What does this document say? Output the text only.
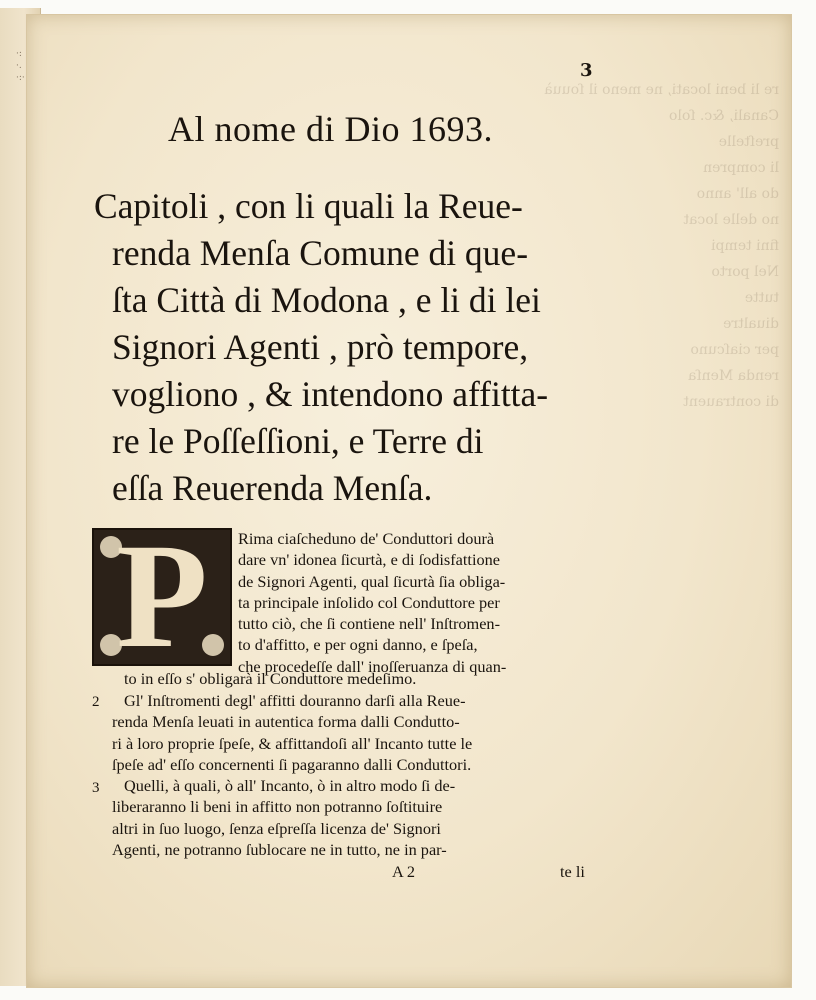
·:·.·:·
re li beni locati, ne meno il ſouuà
Canali, &c. ſolo
preſtelle
li compren
do all' anno
no delle locat
fini tempi
Nel porto
tutte
diualtre
per ciaſcuno
renda Menſa
di contrauent
3
Al nome di Dio 1693.
Capitoli , con li quali la Reue-
renda Menſa Comune di que-
ſta Città di Modona , e li di lei
Signori Agenti , prò tempore,
vogliono , & intendono affitta-
re le Poſſeſſioni, e Terre di
eſſa Reuerenda Menſa.
P	Rima ciaſcheduno de' Conduttori dourà
dare vn' idonea ſicurtà, e di ſodisfattione
de Signori Agenti, qual ſicurtà ſia obliga-
ta principale inſolido col Conduttore per
tutto ciò, che ſi contiene nell' Inſtromen-
to d'affitto, e per ogni danno, e ſpeſa,
che procedeſſe dall' inoſſeruanza di quan-
to in eſſo s' obligarà il Conduttore medeſimo.
2	Gl' Inſtromenti degl' affitti douranno darſi alla Reue-
renda Menſa leuati in autentica forma dalli Conduttо-
ri à loro proprie ſpeſe, & affittandoſi all' Incanto tutte le
ſpeſe ad' eſſo concernenti ſi pagaranno dalli Conduttori.
3	Quelli, à quali, ò all' Incanto, ò in altro modo ſi de-
liberaranno li beni in affitto non potranno ſoſtituire
altri in ſuo luogo, ſenza eſpreſſa licenza de' Signori
Agenti, ne potranno ſublocare ne in tutto, ne in par-
A 2	te li
